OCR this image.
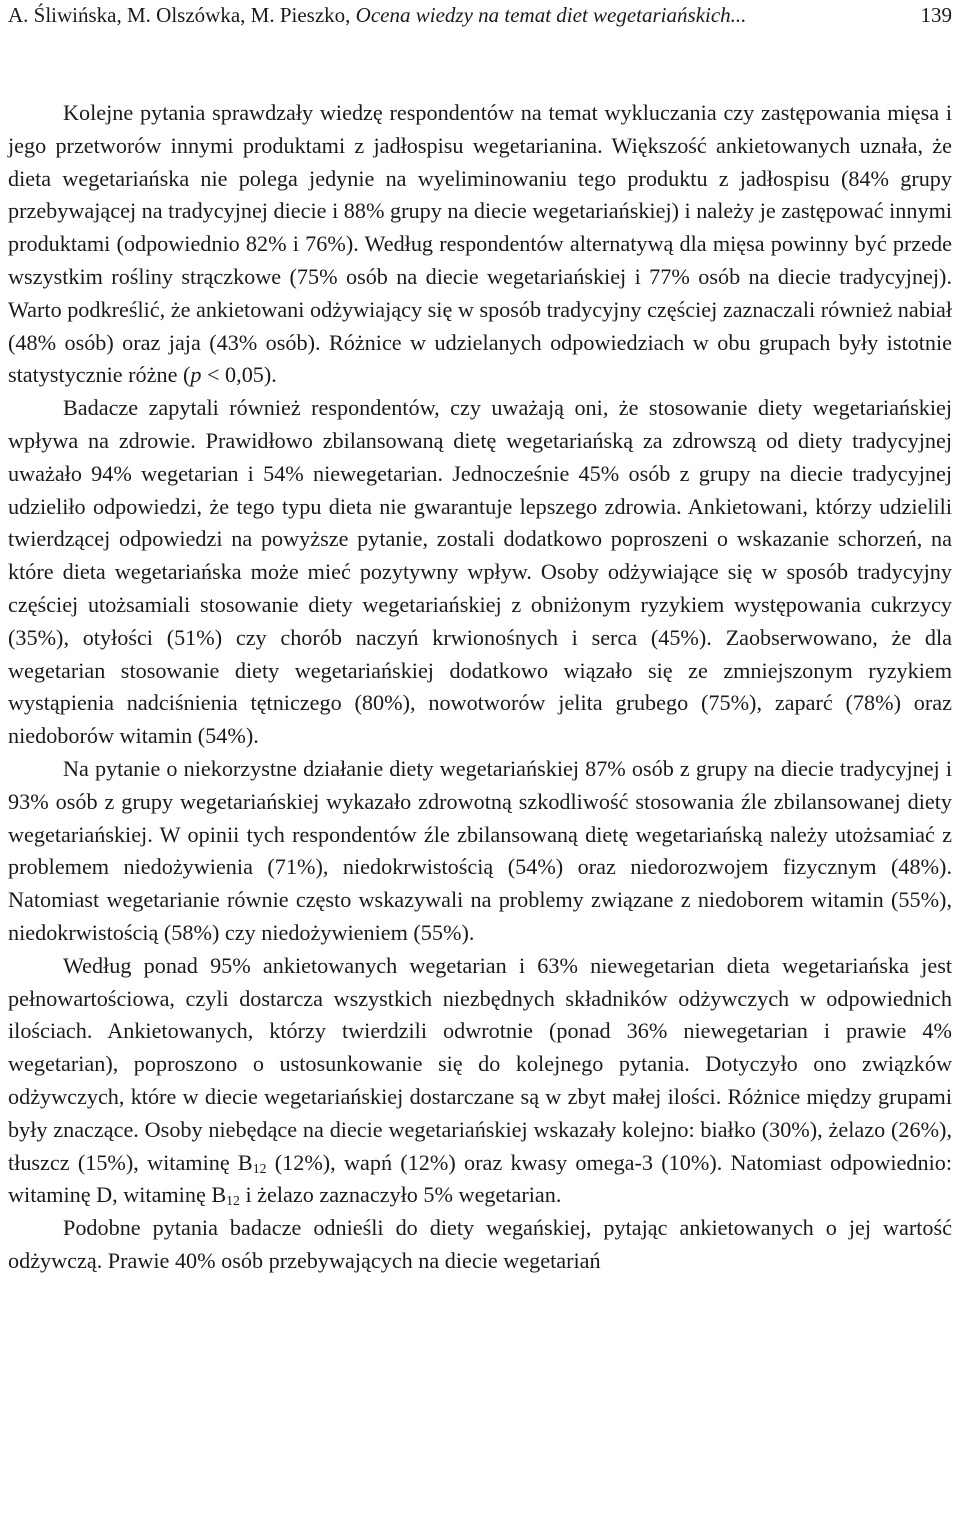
A. Śliwińska, M. Olszówka, M. Pieszko, Ocena wiedzy na temat diet wegetariańskich...	139

Kolejne pytania sprawdzały wiedzę respondentów na temat wykluczania czy zastępowania mięsa i jego przetworów innymi produktami z jadłospisu wegetarianina. Większość ankietowanych uznała, że dieta wegetariańska nie polega jedynie na wyeliminowaniu tego produktu z jadłospisu (84% grupy przebywającej na tradycyjnej diecie i 88% grupy na diecie wegetariańskiej) i należy je zastępować innymi produktami (odpowiednio 82% i 76%). Według respondentów alternatywą dla mięsa powinny być przede wszystkim rośliny strączkowe (75% osób na diecie wegetariańskiej i 77% osób na diecie tradycyjnej). Warto podkreślić, że ankietowani odżywiający się w sposób tradycyjny częściej zaznaczali również nabiał (48% osób) oraz jaja (43% osób). Różnice w udzielanych odpowiedziach w obu grupach były istotnie statystycznie różne (p < 0,05).

Badacze zapytali również respondentów, czy uważają oni, że stosowanie diety wegetariańskiej wpływa na zdrowie. Prawidłowo zbilansowaną dietę wegetariańską za zdrowszą od diety tradycyjnej uważało 94% wegetarian i 54% niewegetarian. Jednocześnie 45% osób z grupy na diecie tradycyjnej udzieliło odpowiedzi, że tego typu dieta nie gwarantuje lepszego zdrowia. Ankietowani, którzy udzielili twierdzącej odpowiedzi na powyższe pytanie, zostali dodatkowo poproszeni o wskazanie schorzeń, na które dieta wegetariańska może mieć pozytywny wpływ. Osoby odżywiające się w sposób tradycyjny częściej utożsamiali stosowanie diety wegetariańskiej z obniżonym ryzykiem występowania cukrzycy (35%), otyłości (51%) czy chorób naczyń krwionośnych i serca (45%). Zaobserwowano, że dla wegetarian stosowanie diety wegetariańskiej dodatkowo wiązało się ze zmniejszonym ryzykiem wystąpienia nadciśnienia tętniczego (80%), nowotworów jelita grubego (75%), zaparć (78%) oraz niedoborów witamin (54%).

Na pytanie o niekorzystne działanie diety wegetariańskiej 87% osób z grupy na diecie tradycyjnej i 93% osób z grupy wegetariańskiej wykazało zdrowotną szkodliwość stosowania źle zbilansowanej diety wegetariańskiej. W opinii tych respondentów źle zbilansowaną dietę wegetariańską należy utożsamiać z problemem niedożywienia (71%), niedokrwistością (54%) oraz niedorozwojem fizycznym (48%). Natomiast wegetarianie równie często wskazywali na problemy związane z niedoborem witamin (55%), niedokrwistością (58%) czy niedożywieniem (55%).

Według ponad 95% ankietowanych wegetarian i 63% niewegetarian dieta wegetariańska jest pełnowartościowa, czyli dostarcza wszystkich niezbędnych składników odżywczych w odpowiednich ilościach. Ankietowanych, którzy twierdzili odwrotnie (ponad 36% niewegetarian i prawie 4% wegetarian), poproszono o ustosunkowanie się do kolejnego pytania. Dotyczyło ono związków odżywczych, które w diecie wegetariańskiej dostarczane są w zbyt małej ilości. Różnice między grupami były znaczące. Osoby niebędące na diecie wegetariańskiej wskazały kolejno: białko (30%), żelazo (26%), tłuszcz (15%), witaminę $B_{12}$ (12%), wapń (12%) oraz kwasy omega-3 (10%). Natomiast odpowiednio: witaminę D, witaminę $B_{12}$ i żelazo zaznaczyło 5% wegetarian.

Podobne pytania badacze odnieśli do diety wegańskiej, pytając ankietowanych o jej wartość odżywczą. Prawie 40% osób przebywających na diecie wegetariań
